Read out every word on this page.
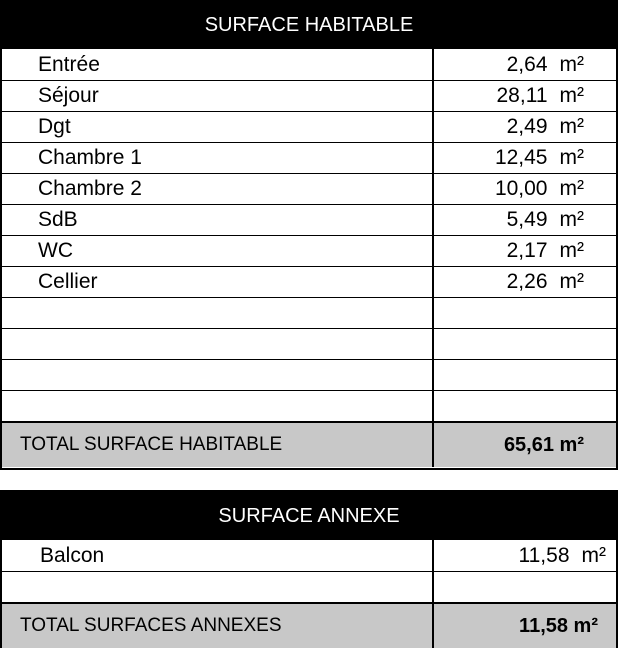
SURFACE HABITABLE
Entrée	2,64 m²
Séjour	28,11 m²
Dgt	2,49 m²
Chambre 1	12,45 m²
Chambre 2	10,00 m²
SdB	5,49 m²
WC	2,17 m²
Cellier	2,26 m²
TOTAL SURFACE HABITABLE	65,61 m²
SURFACE ANNEXE
Balcon	11,58 m²
TOTAL SURFACES ANNEXES	11,58 m²
